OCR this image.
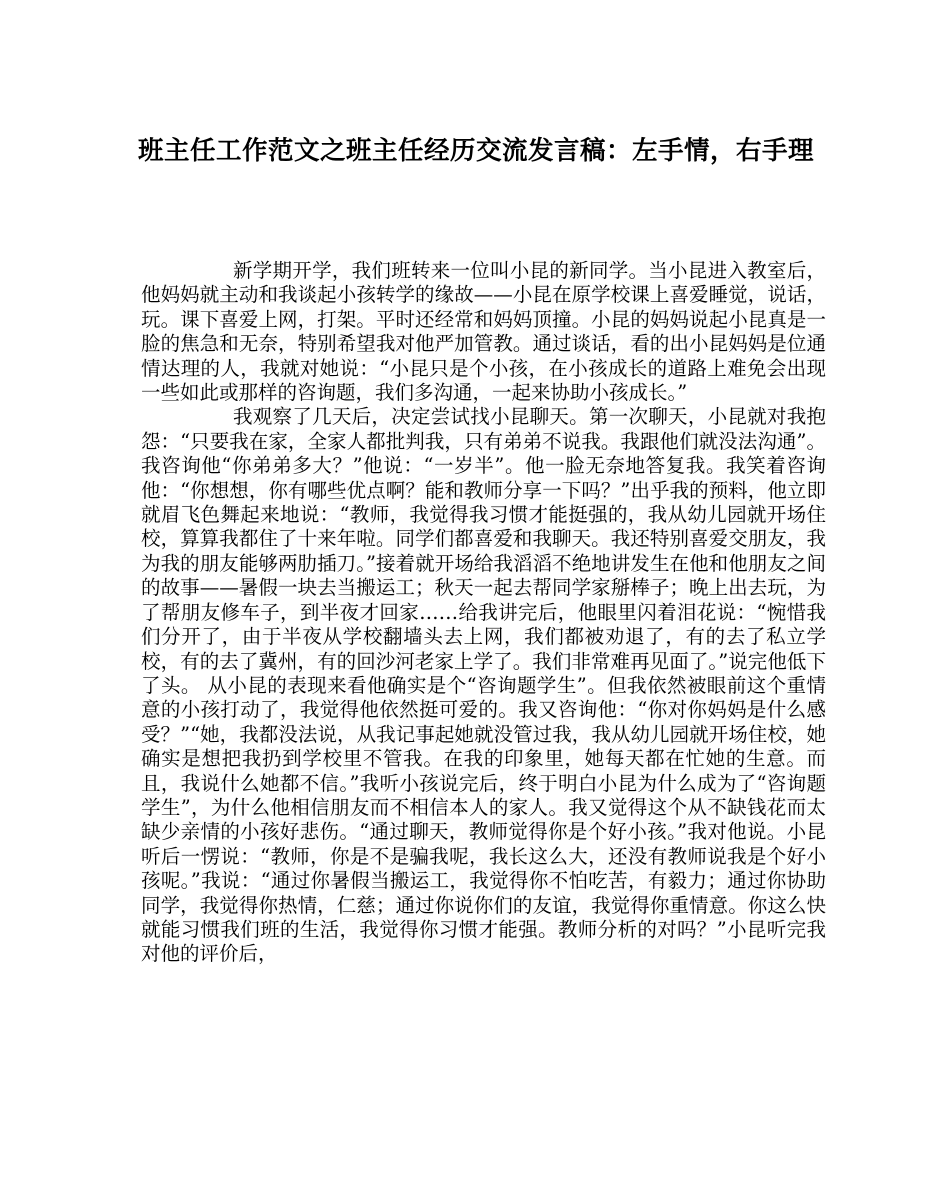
班主任工作范文之班主任经历交流发言稿：左手情，右手理

新学期开学，我们班转来一位叫小昆的新同学。当小昆进入教室后，他妈妈就主动和我谈起小孩转学的缘故——小昆在原学校课上喜爱睡觉，说话，玩。课下喜爱上网，打架。平时还经常和妈妈顶撞。小昆的妈妈说起小昆真是一脸的焦急和无奈，特别希望我对他严加管教。通过谈话，看的出小昆妈妈是位通情达理的人，我就对她说：“小昆只是个小孩，在小孩成长的道路上难免会出现一些如此或那样的咨询题，我们多沟通，一起来协助小孩成长。”

我观察了几天后，决定尝试找小昆聊天。第一次聊天，小昆就对我抱怨：“只要我在家，全家人都批判我，只有弟弟不说我。我跟他们就没法沟通”。我咨询他“你弟弟多大？”他说：“一岁半”。他一脸无奈地答复我。我笑着咨询他：“你想想，你有哪些优点啊？能和教师分享一下吗？”出乎我的预料，他立即就眉飞色舞起来地说：“教师，我觉得我习惯才能挺强的，我从幼儿园就开场住校，算算我都住了十来年啦。同学们都喜爱和我聊天。我还特别喜爱交朋友，我为我的朋友能够两肋插刀。”接着就开场给我滔滔不绝地讲发生在他和他朋友之间的故事——暑假一块去当搬运工；秋天一起去帮同学家掰棒子；晚上出去玩，为了帮朋友修车子，到半夜才回家……给我讲完后，他眼里闪着泪花说：“惋惜我们分开了，由于半夜从学校翻墙头去上网，我们都被劝退了，有的去了私立学校，有的去了冀州，有的回沙河老家上学了。我们非常难再见面了。”说完他低下了头。 从小昆的表现来看他确实是个“咨询题学生”。但我依然被眼前这个重情意的小孩打动了，我觉得他依然挺可爱的。我又咨询他：“你对你妈妈是什么感受？”“她，我都没法说，从我记事起她就没管过我，我从幼儿园就开场住校，她确实是想把我扔到学校里不管我。在我的印象里，她每天都在忙她的生意。而且，我说什么她都不信。”我听小孩说完后，终于明白小昆为什么成为了“咨询题学生”，为什么他相信朋友而不相信本人的家人。我又觉得这个从不缺钱花而太缺少亲情的小孩好悲伤。“通过聊天，教师觉得你是个好小孩。”我对他说。小昆听后一愣说：“教师，你是不是骗我呢，我长这么大，还没有教师说我是个好小孩呢。”我说：“通过你暑假当搬运工，我觉得你不怕吃苦，有毅力；通过你协助同学，我觉得你热情，仁慈；通过你说你们的友谊，我觉得你重情意。你这么快就能习惯我们班的生活，我觉得你习惯才能强。教师分析的对吗？”小昆听完我对他的评价后，
